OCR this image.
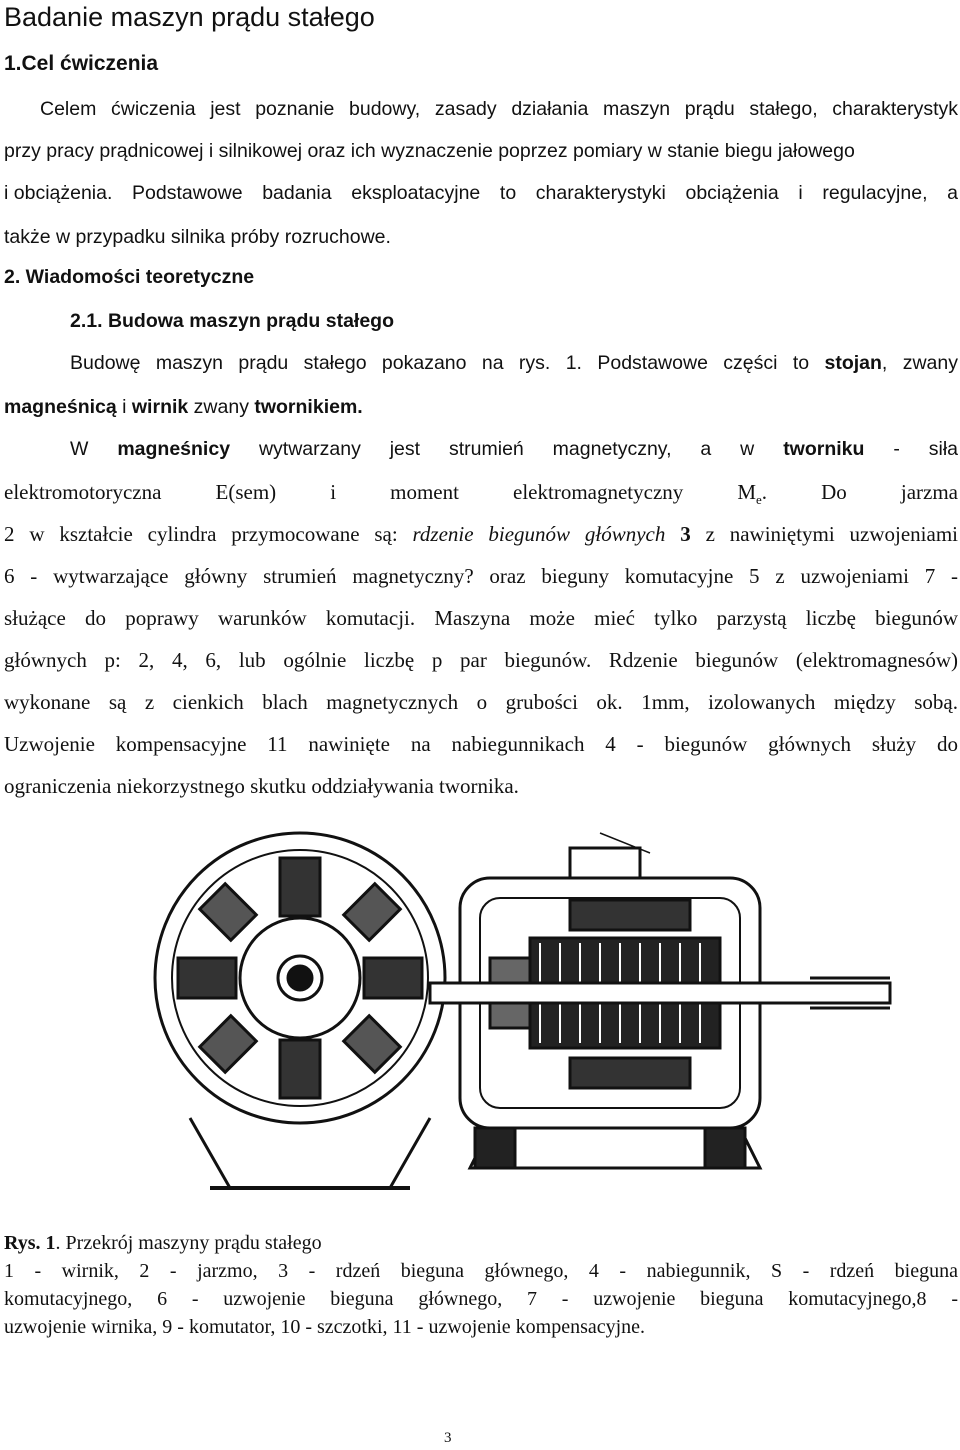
Badanie maszyn prądu stałego
1.Cel ćwiczenia
Celem ćwiczenia jest poznanie budowy, zasady działania maszyn prądu stałego, charakterystyk
przy pracy prądnicowej i silnikowej oraz ich wyznaczenie poprzez pomiary w stanie biegu jałowego
i obciążenia. Podstawowe badania eksploatacyjne to charakterystyki obciążenia i regulacyjne, a
także w przypadku silnika próby rozruchowe.
2. Wiadomości teoretyczne
2.1. Budowa maszyn prądu stałego
Budowę maszyn prądu stałego pokazano na rys. 1. Podstawowe części to stojan, zwany
magneśnicą i wirnik zwany twornikiem.
W magneśnicy wytwarzany jest strumień magnetyczny, a w tworniku - siła
elektromotoryczna E(sem) i moment elektromagnetyczny $M_e$. Do jarzma
2 w kształcie cylindra przymocowane są: rdzenie biegunów głównych 3 z nawiniętymi uzwojeniami
6 - wytwarzające główny strumień magnetyczny? oraz bieguny komutacyjne 5 z uzwojeniami 7 -
służące do poprawy warunków komutacji. Maszyna może mieć tylko parzystą liczbę biegunów
głównych p: 2, 4, 6, lub ogólnie liczbę p par biegunów. Rdzenie biegunów (elektromagnesów)
wykonane są z cienkich blach magnetycznych o grubości ok. 1mm, izolowanych między sobą.
Uzwojenie kompensacyjne 11 nawinięte na nabiegunnikach 4 - biegunów głównych służy do
ograniczenia niekorzystnego skutku oddziaływania twornika.
Rys. 1. Przekrój maszyny prądu stałego
1 - wirnik, 2 - jarzmo, 3 - rdzeń bieguna głównego, 4 - nabiegunnik, S - rdzeń bieguna
komutacyjnego, 6 - uzwojenie bieguna głównego, 7 - uzwojenie bieguna komutacyjnego,8 -
uzwojenie wirnika, 9 - komutator, 10 - szczotki, 11 - uzwojenie kompensacyjne.
3
